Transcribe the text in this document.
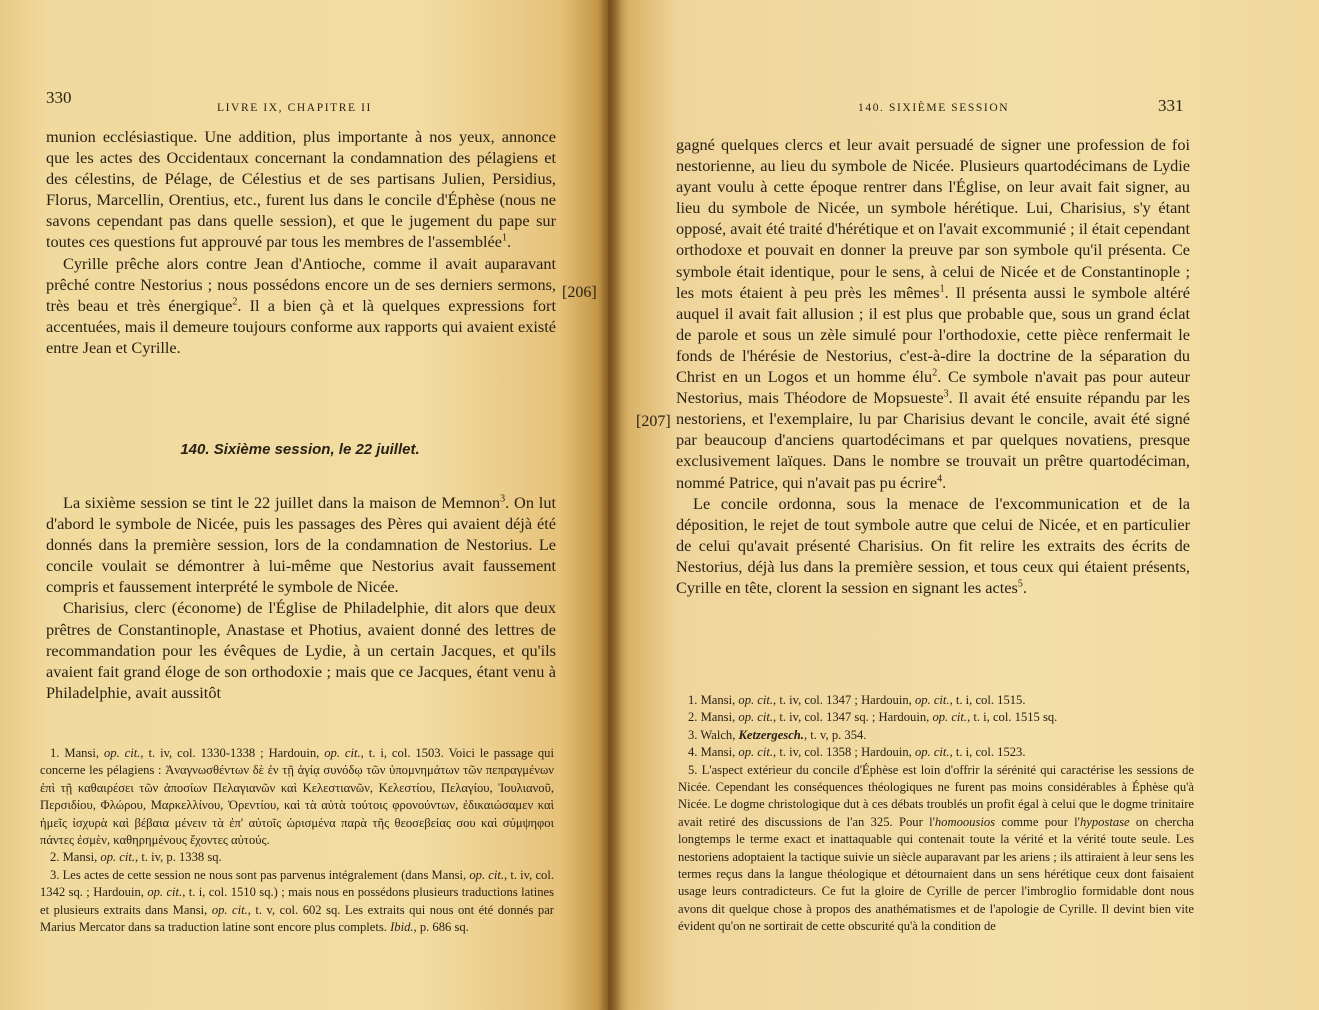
330
LIVRE IX, CHAPITRE II

munion ecclésiastique. Une addition, plus importante à nos yeux, annonce que les actes des Occidentaux concernant la condamnation des pélagiens et des célestins, de Pélage, de Célestius et de ses partisans Julien, Persidius, Florus, Marcellin, Orentius, etc., furent lus dans le concile d'Éphèse (nous ne savons cependant pas dans quelle session), et que le jugement du pape sur toutes ces questions fut approuvé par tous les membres de l'assemblée$^1$.

Cyrille prêche alors contre Jean d'Antioche, comme il avait auparavant prêché contre Nestorius ; nous possédons encore un de ses derniers sermons, très beau et très énergique$^2$. Il a bien çà et là quelques expressions fort accentuées, mais il demeure toujours conforme aux rapports qui avaient existé entre Jean et Cyrille.

140. Sixième session, le 22 juillet.

La sixième session se tint le 22 juillet dans la maison de Memnon$^3$. On lut d'abord le symbole de Nicée, puis les passages des Pères qui avaient déjà été donnés dans la première session, lors de la condamnation de Nestorius. Le concile voulait se démontrer à lui-même que Nestorius avait faussement compris et faussement interprété le symbole de Nicée.

Charisius, clerc (économe) de l'Église de Philadelphie, dit alors que deux prêtres de Constantinople, Anastase et Photius, avaient donné des lettres de recommandation pour les évêques de Lydie, à un certain Jacques, et qu'ils avaient fait grand éloge de son orthodoxie ; mais que ce Jacques, étant venu à Philadelphie, avait aussitôt

1. Mansi, op. cit., t. iv, col. 1330-1338 ; Hardouin, op. cit., t. i, col. 1503. Voici le passage qui concerne les pélagiens : Ἀναγνωσθέντων δὲ ἐν τῇ ἁγίᾳ συνόδῳ τῶν ὑπομνημάτων τῶν πεπραγμένων ἐπὶ τῇ καθαιρέσει τῶν ἀποσίων Πελαγιανῶν καὶ Κελεστιανῶν, Κελεστίου, Πελαγίου, Ἰουλιανοῦ, Περσιδίου, Φλώρου, Μαρκελλίνου, Ὀρεντίου, καὶ τὰ αὐτὰ τούτοις φρονούντων, ἐδικαιώσαμεν καὶ ἡμεῖς ἰσχυρὰ καὶ βέβαια μένειν τὰ ἐπ' αὐτοῖς ὡρισμένα παρὰ τῆς θεοσεβείας σου καὶ σύμψηφοι πάντες ἐσμὲν, καθηρημένους ἔχοντες αὐτούς.

2. Mansi, op. cit., t. iv, p. 1338 sq.

3. Les actes de cette session ne nous sont pas parvenus intégralement (dans Mansi, op. cit., t. iv, col. 1342 sq. ; Hardouin, op. cit., t. i, col. 1510 sq.) ; mais nous en possédons plusieurs traductions latines et plusieurs extraits dans Mansi, op. cit., t. v, col. 602 sq. Les extraits qui nous ont été donnés par Marius Mercator dans sa traduction latine sont encore plus complets. Ibid., p. 686 sq.

140. SIXIÈME SESSION	331

gagné quelques clercs et leur avait persuadé de signer une profession de foi nestorienne, au lieu du symbole de Nicée. Plusieurs quartodécimans de Lydie ayant voulu à cette époque rentrer dans l'Église, on leur avait fait signer, au lieu du symbole de Nicée, un symbole hérétique. Lui, Charisius, s'y étant opposé, avait été traité d'hérétique et on l'avait excommunié ; il était cependant orthodoxe et pouvait en donner la preuve par son symbole qu'il présenta. Ce symbole était identique, pour le sens, à celui de Nicée et de Constantinople ; les mots étaient à peu près les mêmes$^1$. Il présenta aussi le symbole altéré auquel il avait fait allusion ; il est plus que probable que, sous un grand éclat de parole et sous un zèle simulé pour l'orthodoxie, cette pièce renfermait le fonds de l'hérésie de Nestorius, c'est-à-dire la doctrine de la séparation du Christ en un Logos et un homme élu$^2$. Ce symbole n'avait pas pour auteur Nestorius, mais Théodore de Mopsueste$^3$. Il avait été ensuite répandu par les nestoriens, et l'exemplaire, lu par Charisius devant le concile, avait été signé par beaucoup d'anciens quartodécimans et par quelques novatiens, presque exclusivement laïques. Dans le nombre se trouvait un prêtre quartodéciman, nommé Patrice, qui n'avait pas pu écrire$^4$.

Le concile ordonna, sous la menace de l'excommunication et de la déposition, le rejet de tout symbole autre que celui de Nicée, et en particulier de celui qu'avait présenté Charisius. On fit relire les extraits des écrits de Nestorius, déjà lus dans la première session, et tous ceux qui étaient présents, Cyrille en tête, clorent la session en signant les actes$^5$.

1. Mansi, op. cit., t. iv, col. 1347 ; Hardouin, op. cit., t. i, col. 1515.

2. Mansi, op. cit., t. iv, col. 1347 sq. ; Hardouin, op. cit., t. i, col. 1515 sq.

3. Walch, Ketzergesch., t. v, p. 354.

4. Mansi, op. cit., t. iv, col. 1358 ; Hardouin, op. cit., t. i, col. 1523.

5. L'aspect extérieur du concile d'Éphèse est loin d'offrir la sérénité qui caractérise les sessions de Nicée. Cependant les conséquences théologiques ne furent pas moins considérables à Éphèse qu'à Nicée. Le dogme christologique dut à ces débats troublés un profit égal à celui que le dogme trinitaire avait retiré des discussions de l'an 325. Pour l'homoousios comme pour l'hypostase on chercha longtemps le terme exact et inattaquable qui contenait toute la vérité et la vérité toute seule. Les nestoriens adoptaient la tactique suivie un siècle auparavant par les ariens ; ils attiraient à leur sens les termes reçus dans la langue théologique et détournaient dans un sens hérétique ceux dont faisaient usage leurs contradicteurs. Ce fut la gloire de Cyrille de percer l'imbroglio formidable dont nous avons dit quelque chose à propos des anathématismes et de l'apologie de Cyrille. Il devint bien vite évident qu'on ne sortirait de cette obscurité qu'à la condition de

[206]
[207]
